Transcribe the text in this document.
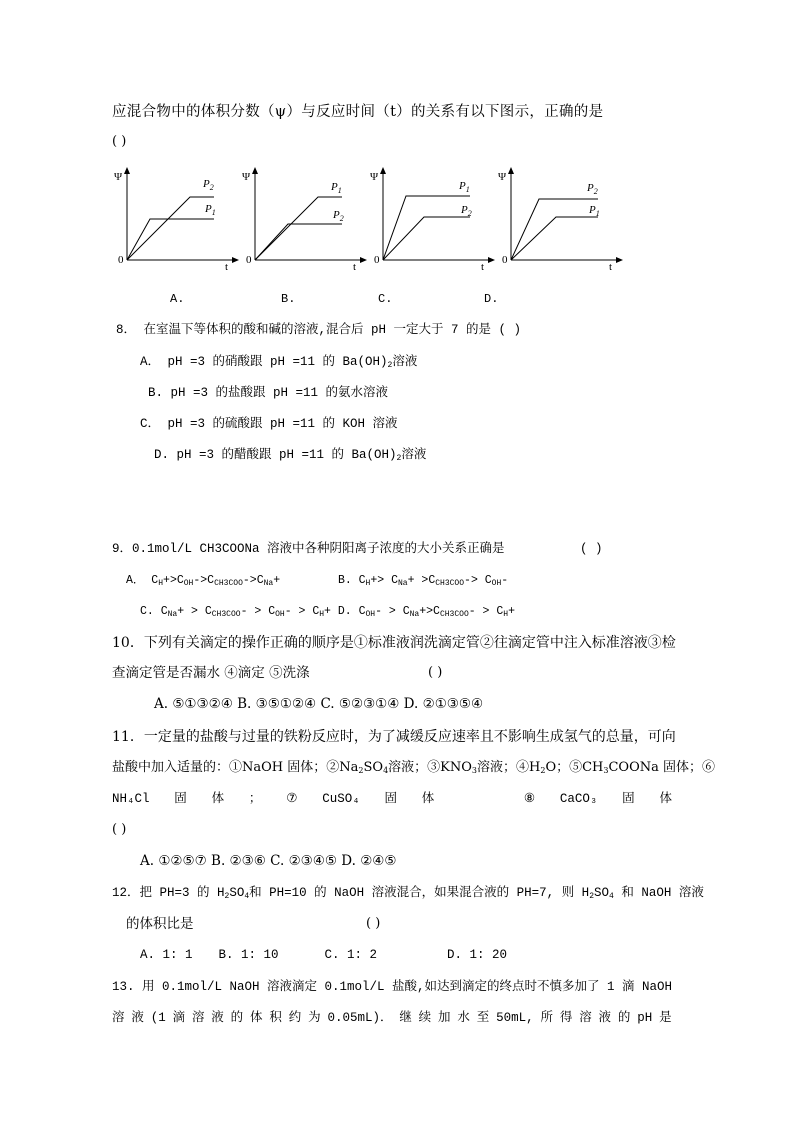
应混合物中的体积分数（ψ）与反应时间（t）的关系有以下图示，正确的是
( )
Ψ
0
t
$P_2$
$P_1$
Ψ
0
t
$P_1$
$P_2$
Ψ
0
t
$P_1$
$P_2$
Ψ
0
t
$P_2$
$P_1$
A.	B.	C.	D.
8． 在室温下等体积的酸和碱的溶液,混合后 pH 一定大于 7 的是 ( )
A． pH =3 的硝酸跟 pH =11 的 $Ba(OH)_2$溶液
B. pH =3 的盐酸跟 pH =11 的氨水溶液
C． pH =3 的硫酸跟 pH =11 的 KOH 溶液
D. pH =3 的醋酸跟 pH =11 的 $Ba(OH)_2$溶液
9．0.1mol/L CH3COONa 溶液中各种阴阳离子浓度的大小关系正确是	( )
A． $C_H+>C_{OH}->C_{CH3COO}->C_{Na}+$	B. $C_H+> C_{Na}+ >C_{CH3COO}-> C_{OH}-$
C. $C_{Na}+ > C_{CH3COO}- > C_{OH}- > C_H+ D$. $C_{OH}- > C_{Na}+>C_{CH3COO}- > C_H+$
10．下列有关滴定的操作正确的顺序是①标准液润洗滴定管②往滴定管中注入标准溶液③检
查滴定管是否漏水 ④滴定 ⑤洗涤	( )
A. ⑤①③②④ B. ③⑤①②④ C. ⑤②③①④ D. ②①③⑤④
11．一定量的盐酸与过量的铁粉反应时，为了减缓反应速率且不影响生成氢气的总量，可向
盐酸中加入适量的：①NaOH 固体；$②Na_2SO_4$溶液；$③KNO_3$溶液；$④H_2O$；$⑤CH_3COONa$ 固体；⑥
NH₄Cl 固 体 ； ⑦ CuSO₄ 固 体	⑧ CaCO₃ 固 体
( )
A. ①②⑤⑦ B. ②③⑥ C. ②③④⑤ D. ②④⑤
12．把 PH=3 的 $H_2SO_4$和 PH=10 的 NaOH 溶液混合，如果混合液的 PH=7, 则 $H_2SO_4$ 和 NaOH 溶液
的体积比是	( )
A. 1: 1 B. 1: 10	C. 1: 2	D. 1: 20
13. 用 0.1mol/L NaOH 溶液滴定 0.1mol/L 盐酸,如达到滴定的终点时不慎多加了 1 滴 NaOH
溶 液 (1 滴 溶 液 的 体 积 约 为 0.05mL)． 继 续 加 水 至 50mL, 所 得 溶 液 的 pH 是
